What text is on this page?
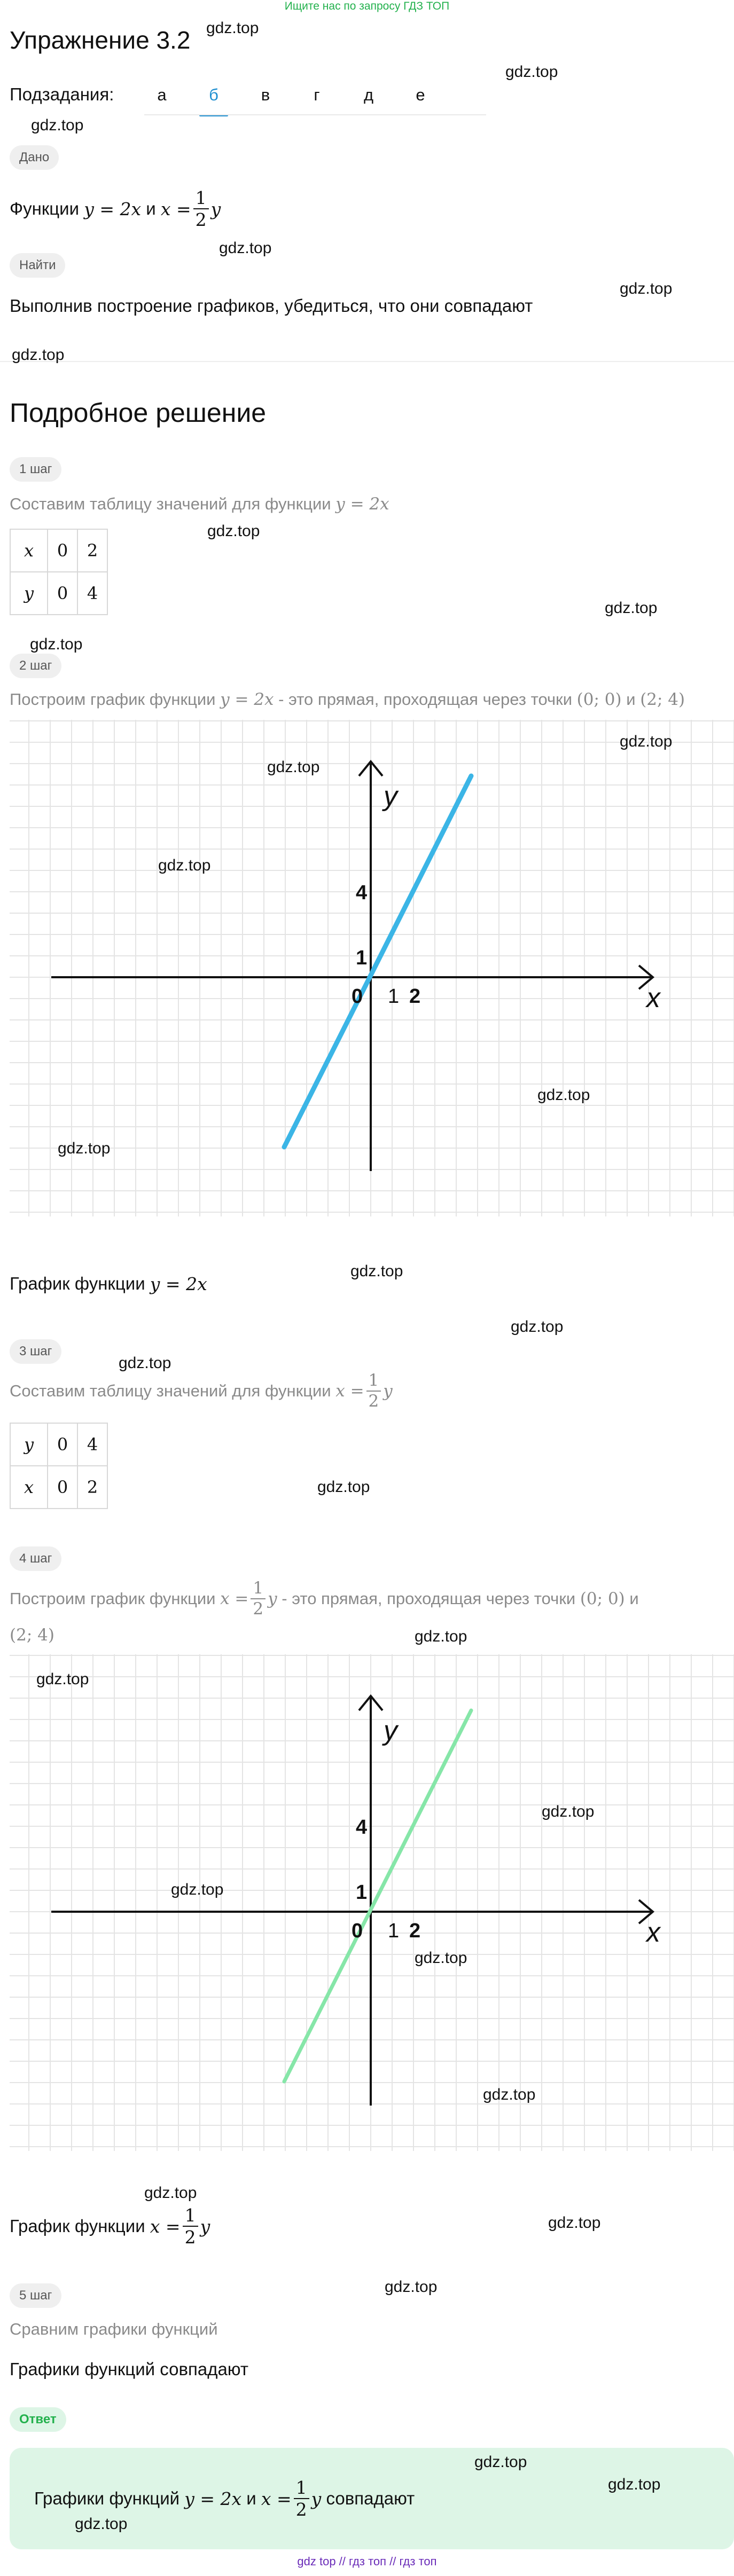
Ищите нас по запросу ГДЗ ТОП
Упражнение 3.2
Подзадания:	а	б	в	г	д	е
Дано
Функции
y = 2x
и
$x = \frac{1}{2}$ y
Найти
Выполнив построение графиков, убедиться, что они совпадают
Подробное решение
1 шаг
Составим таблицу значений для функции y = 2x
x	0	2
y	0	4
2 шаг
Построим график функции y = 2x - это прямая, проходящая через точки (0; 0) и (2; 4)
x
y
0 1 2
1
4
График функции
y = 2x
3 шаг
Составим таблицу значений для функции
$x = \frac{1}{2}$ y
y	0	4
x	0	2
4 шаг
Построим график функции
$x = \frac{1}{2}$ y
- это прямая, проходящая через точки
(0; 0)
и
(2; 4)
x
y
0 1 2
1
4
График функции
$x = \frac{1}{2}$ y
5 шаг
Сравним графики функций
Графики функций совпадают
Ответ
Графики функций
y = 2x
и
$x = \frac{1}{2}$ y
совпадают
gdz top // гдз топ // гдз топ
gdz.top
gdz.top
gdz.top
gdz.top
gdz.top
gdz.top
gdz.top
gdz.top
gdz.top
gdz.top
gdz.top
gdz.top
gdz.top
gdz.top
gdz.top
gdz.top
gdz.top
gdz.top
gdz.top
gdz.top
gdz.top
gdz.top
gdz.top
gdz.top
gdz.top
gdz.top
gdz.top
gdz.top
gdz.top
gdz.top
